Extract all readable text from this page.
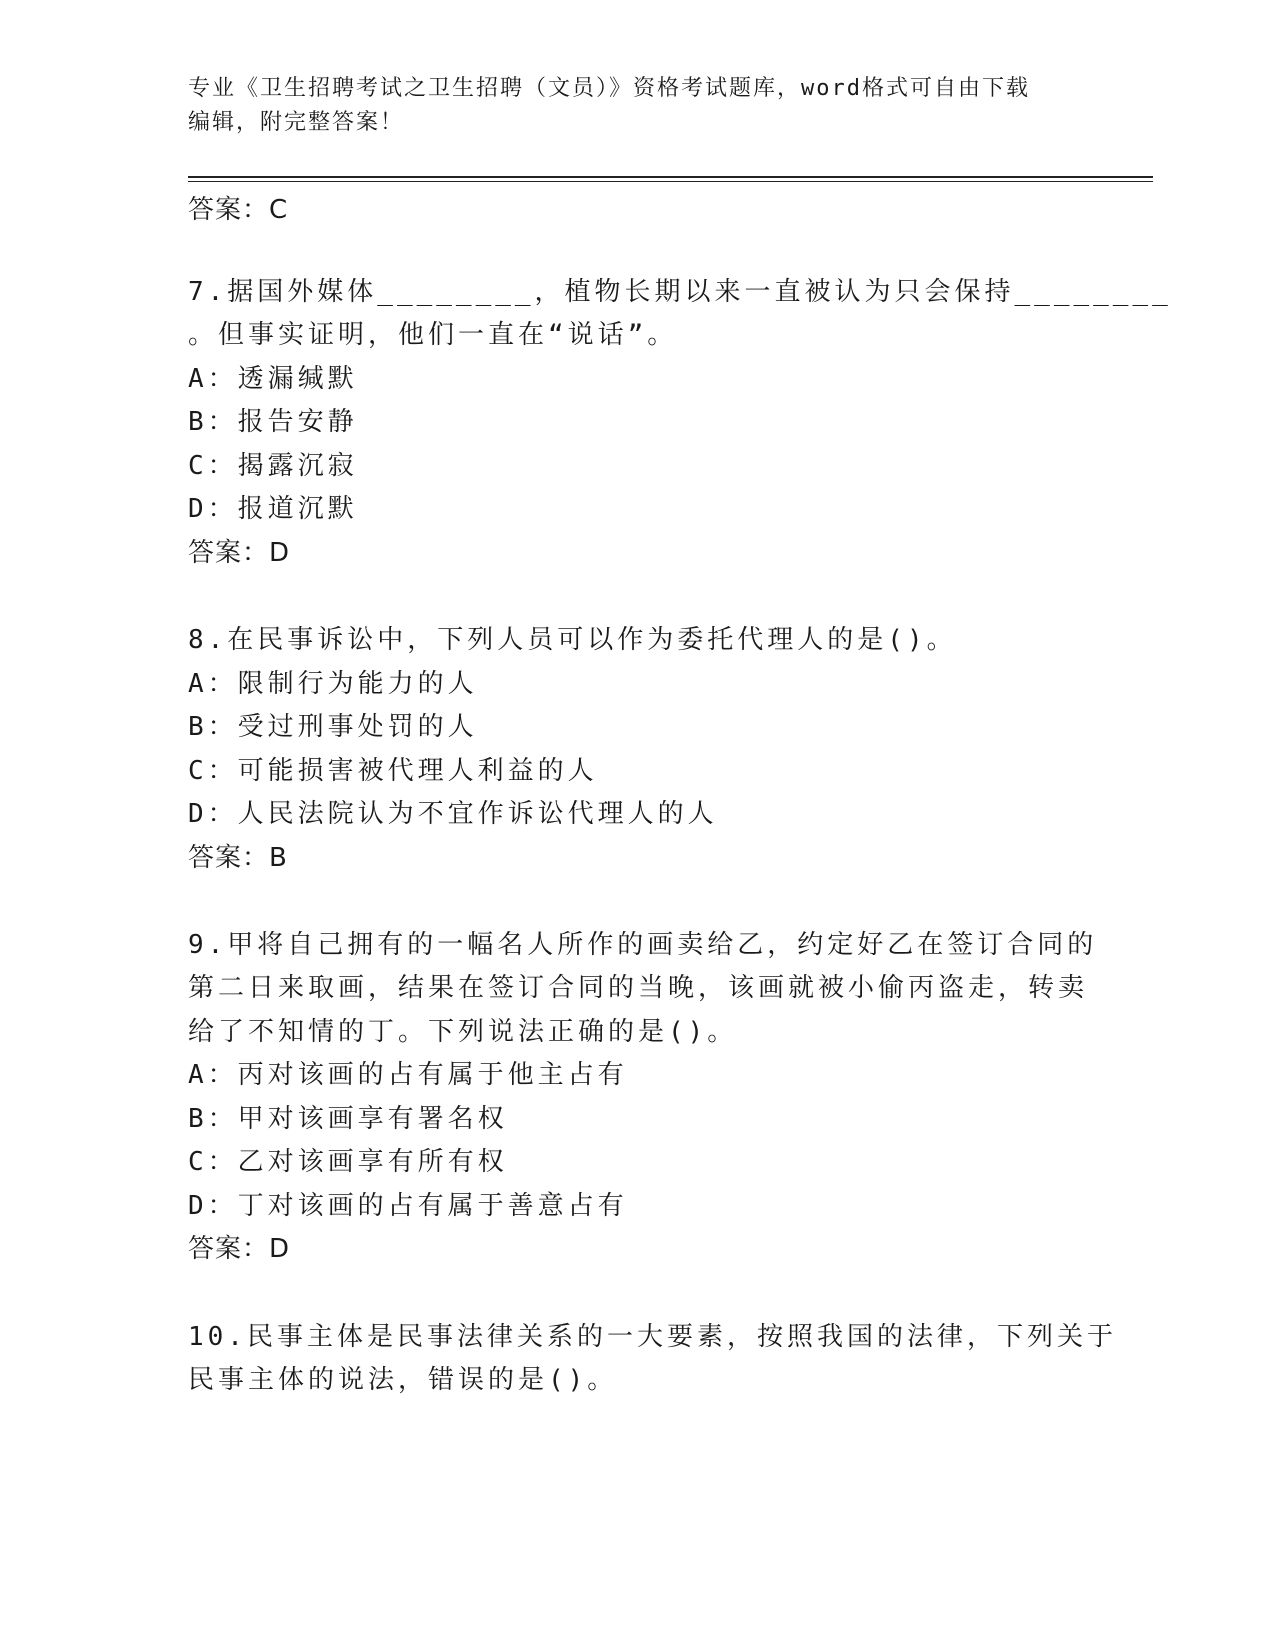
专业《卫生招聘考试之卫生招聘（文员）》资格考试题库，word格式可自由下载
编辑，附完整答案！

答案：C
7.据国外媒体________，植物长期以来一直被认为只会保持________
。但事实证明，他们一直在“说话”。
A：透漏缄默
B：报告安静
C：揭露沉寂
D：报道沉默
答案：D
8.在民事诉讼中，下列人员可以作为委托代理人的是()。
A：限制行为能力的人
B：受过刑事处罚的人
C：可能损害被代理人利益的人
D：人民法院认为不宜作诉讼代理人的人
答案：B
9.甲将自己拥有的一幅名人所作的画卖给乙，约定好乙在签订合同的
第二日来取画，结果在签订合同的当晚，该画就被小偷丙盗走，转卖
给了不知情的丁。下列说法正确的是()。
A：丙对该画的占有属于他主占有
B：甲对该画享有署名权
C：乙对该画享有所有权
D：丁对该画的占有属于善意占有
答案：D
10.民事主体是民事法律关系的一大要素，按照我国的法律，下列关于
民事主体的说法，错误的是()。
